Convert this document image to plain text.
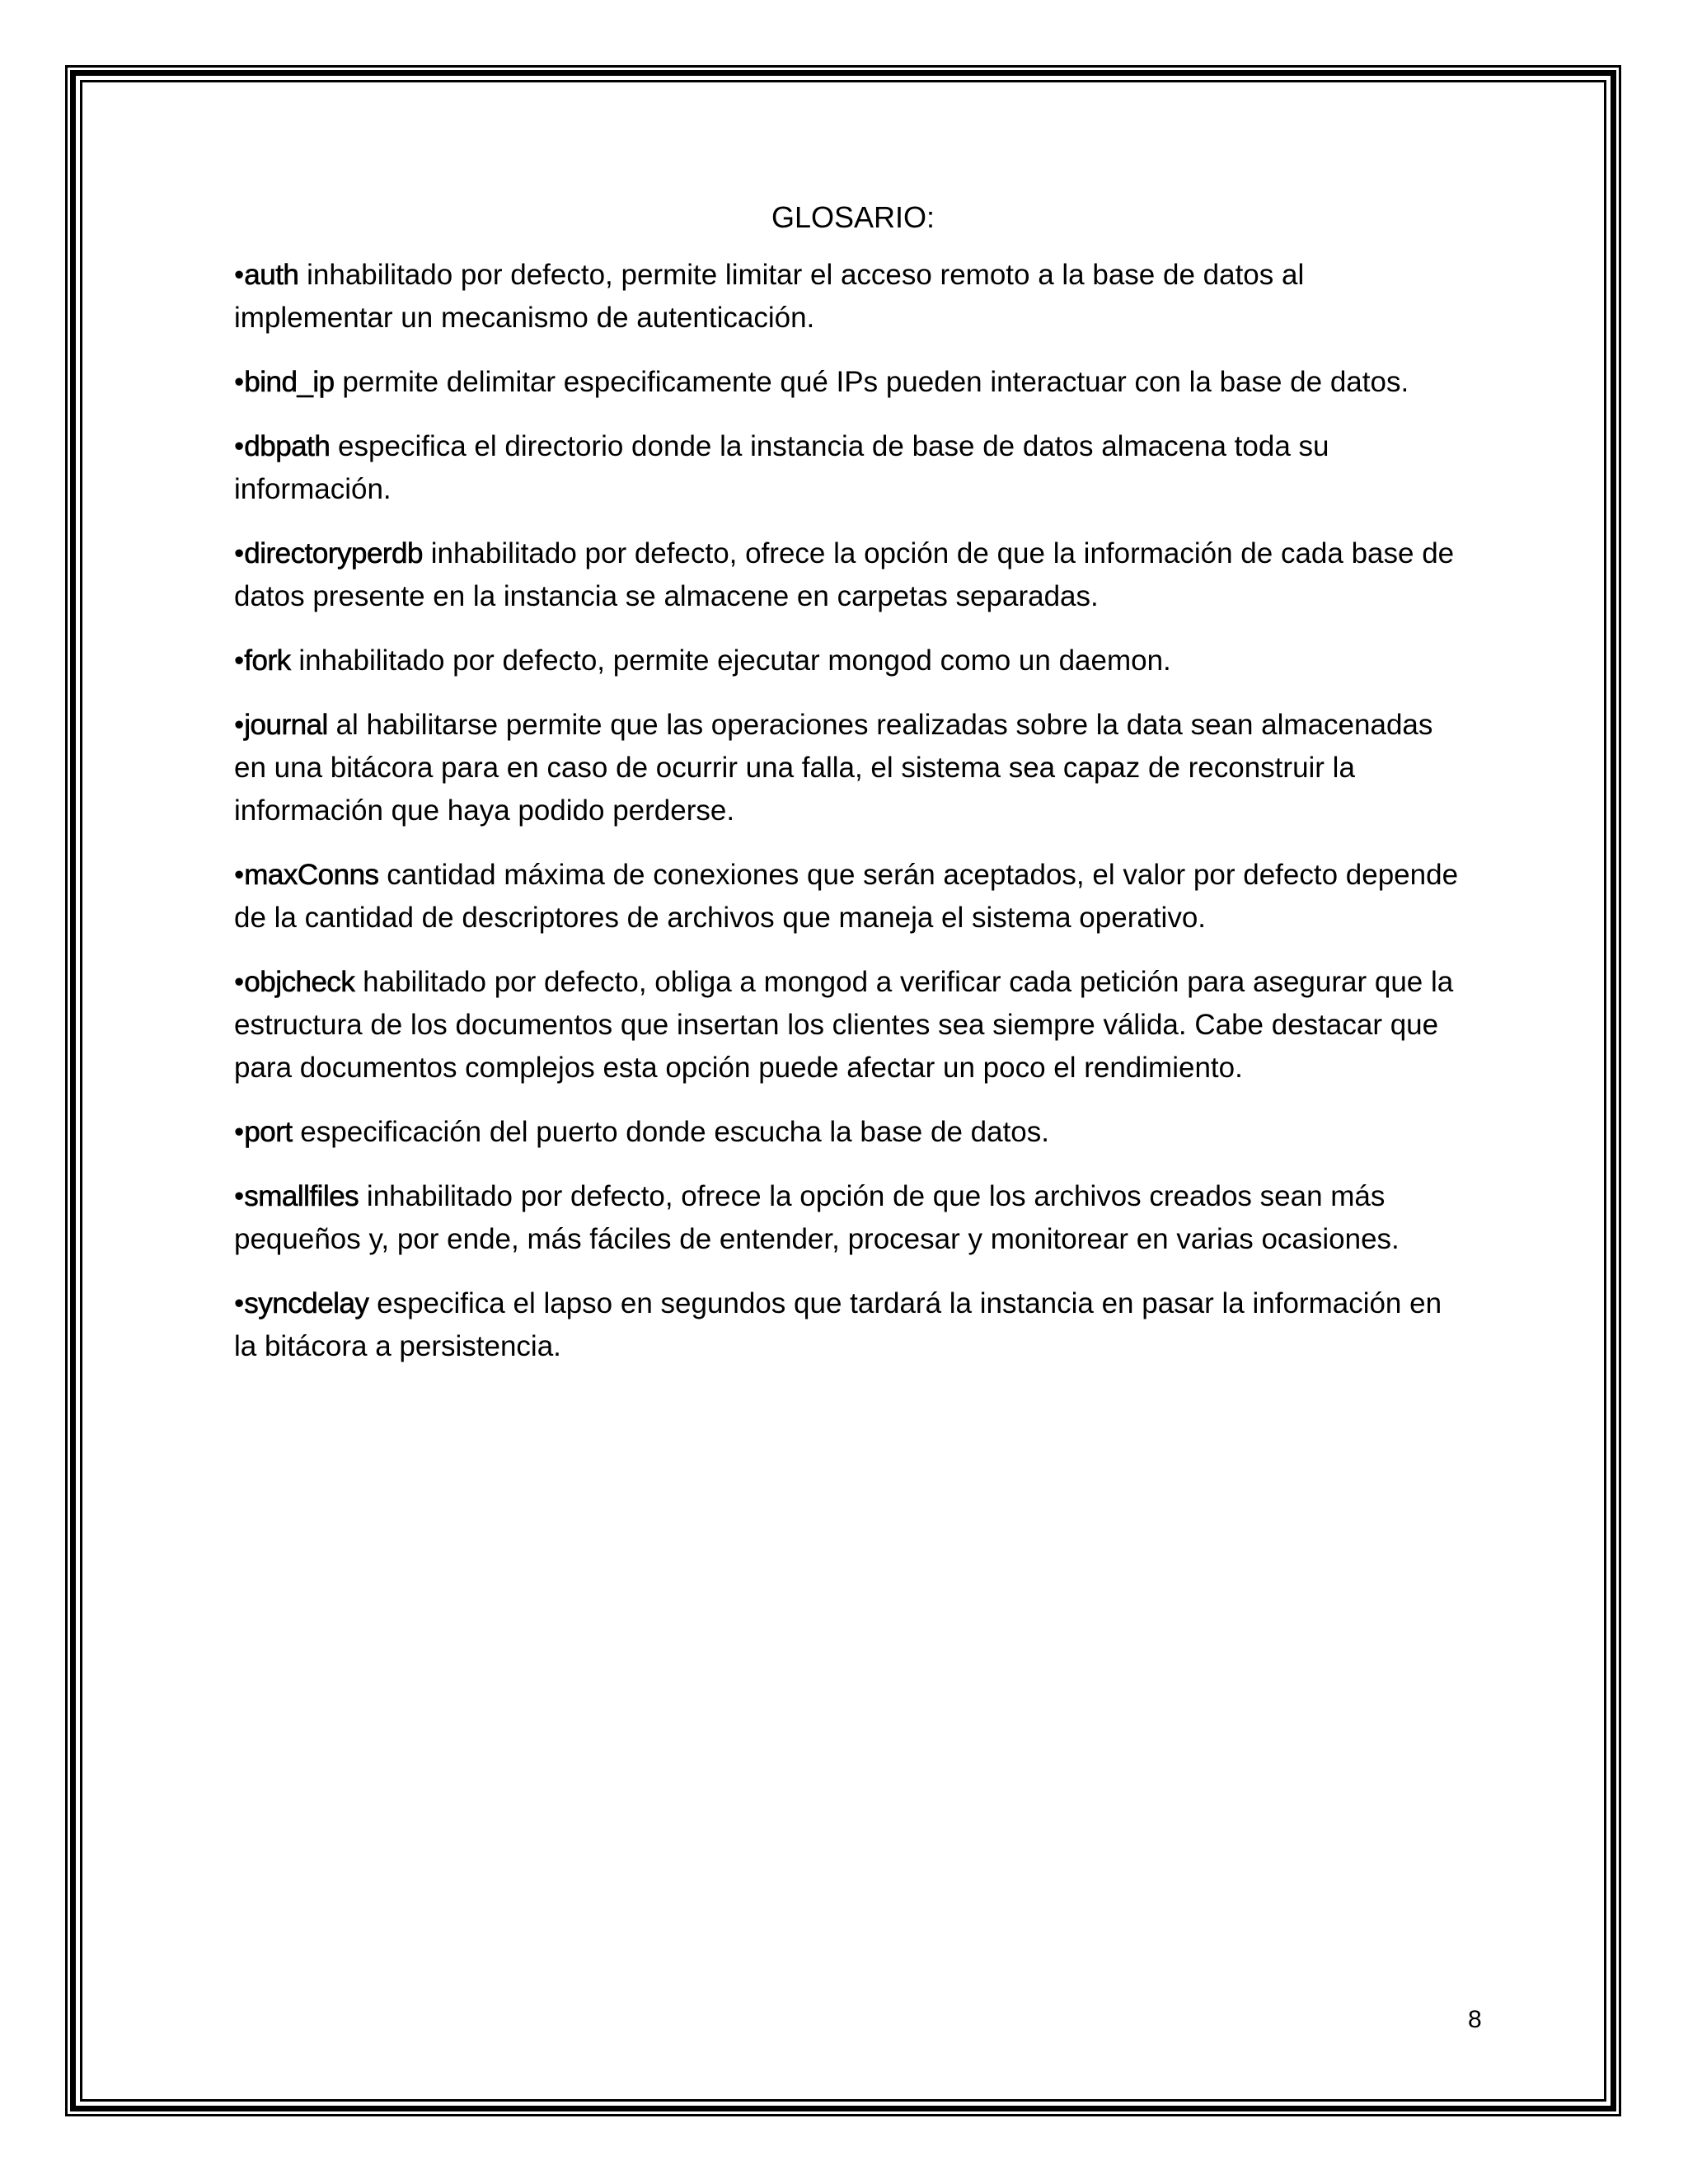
GLOSARIO:

•auth inhabilitado por defecto, permite limitar el acceso remoto a la base de datos al implementar un mecanismo de autenticación.

•bind_ip permite delimitar especificamente qué IPs pueden interactuar con la base de datos.

•dbpath especifica el directorio donde la instancia de base de datos almacena toda su información.

•directoryperdb inhabilitado por defecto, ofrece la opción de que la información de cada base de datos presente en la instancia se almacene en carpetas separadas.

•fork inhabilitado por defecto, permite ejecutar mongod como un daemon.

•journal al habilitarse permite que las operaciones realizadas sobre la data sean almacenadas en una bitácora para en caso de ocurrir una falla, el sistema sea capaz de reconstruir la información que haya podido perderse.

•maxConns cantidad máxima de conexiones que serán aceptados, el valor por defecto depende de la cantidad de descriptores de archivos que maneja el sistema operativo.

•objcheck habilitado por defecto, obliga a mongod a verificar cada petición para asegurar que la estructura de los documentos que insertan los clientes sea siempre válida. Cabe destacar que para documentos complejos esta opción puede afectar un poco el rendimiento.

•port especificación del puerto donde escucha la base de datos.

•smallfiles inhabilitado por defecto, ofrece la opción de que los archivos creados sean más pequeños y, por ende, más fáciles de entender, procesar y monitorear en varias ocasiones.

•syncdelay especifica el lapso en segundos que tardará la instancia en pasar la información en la bitácora a persistencia.

8
